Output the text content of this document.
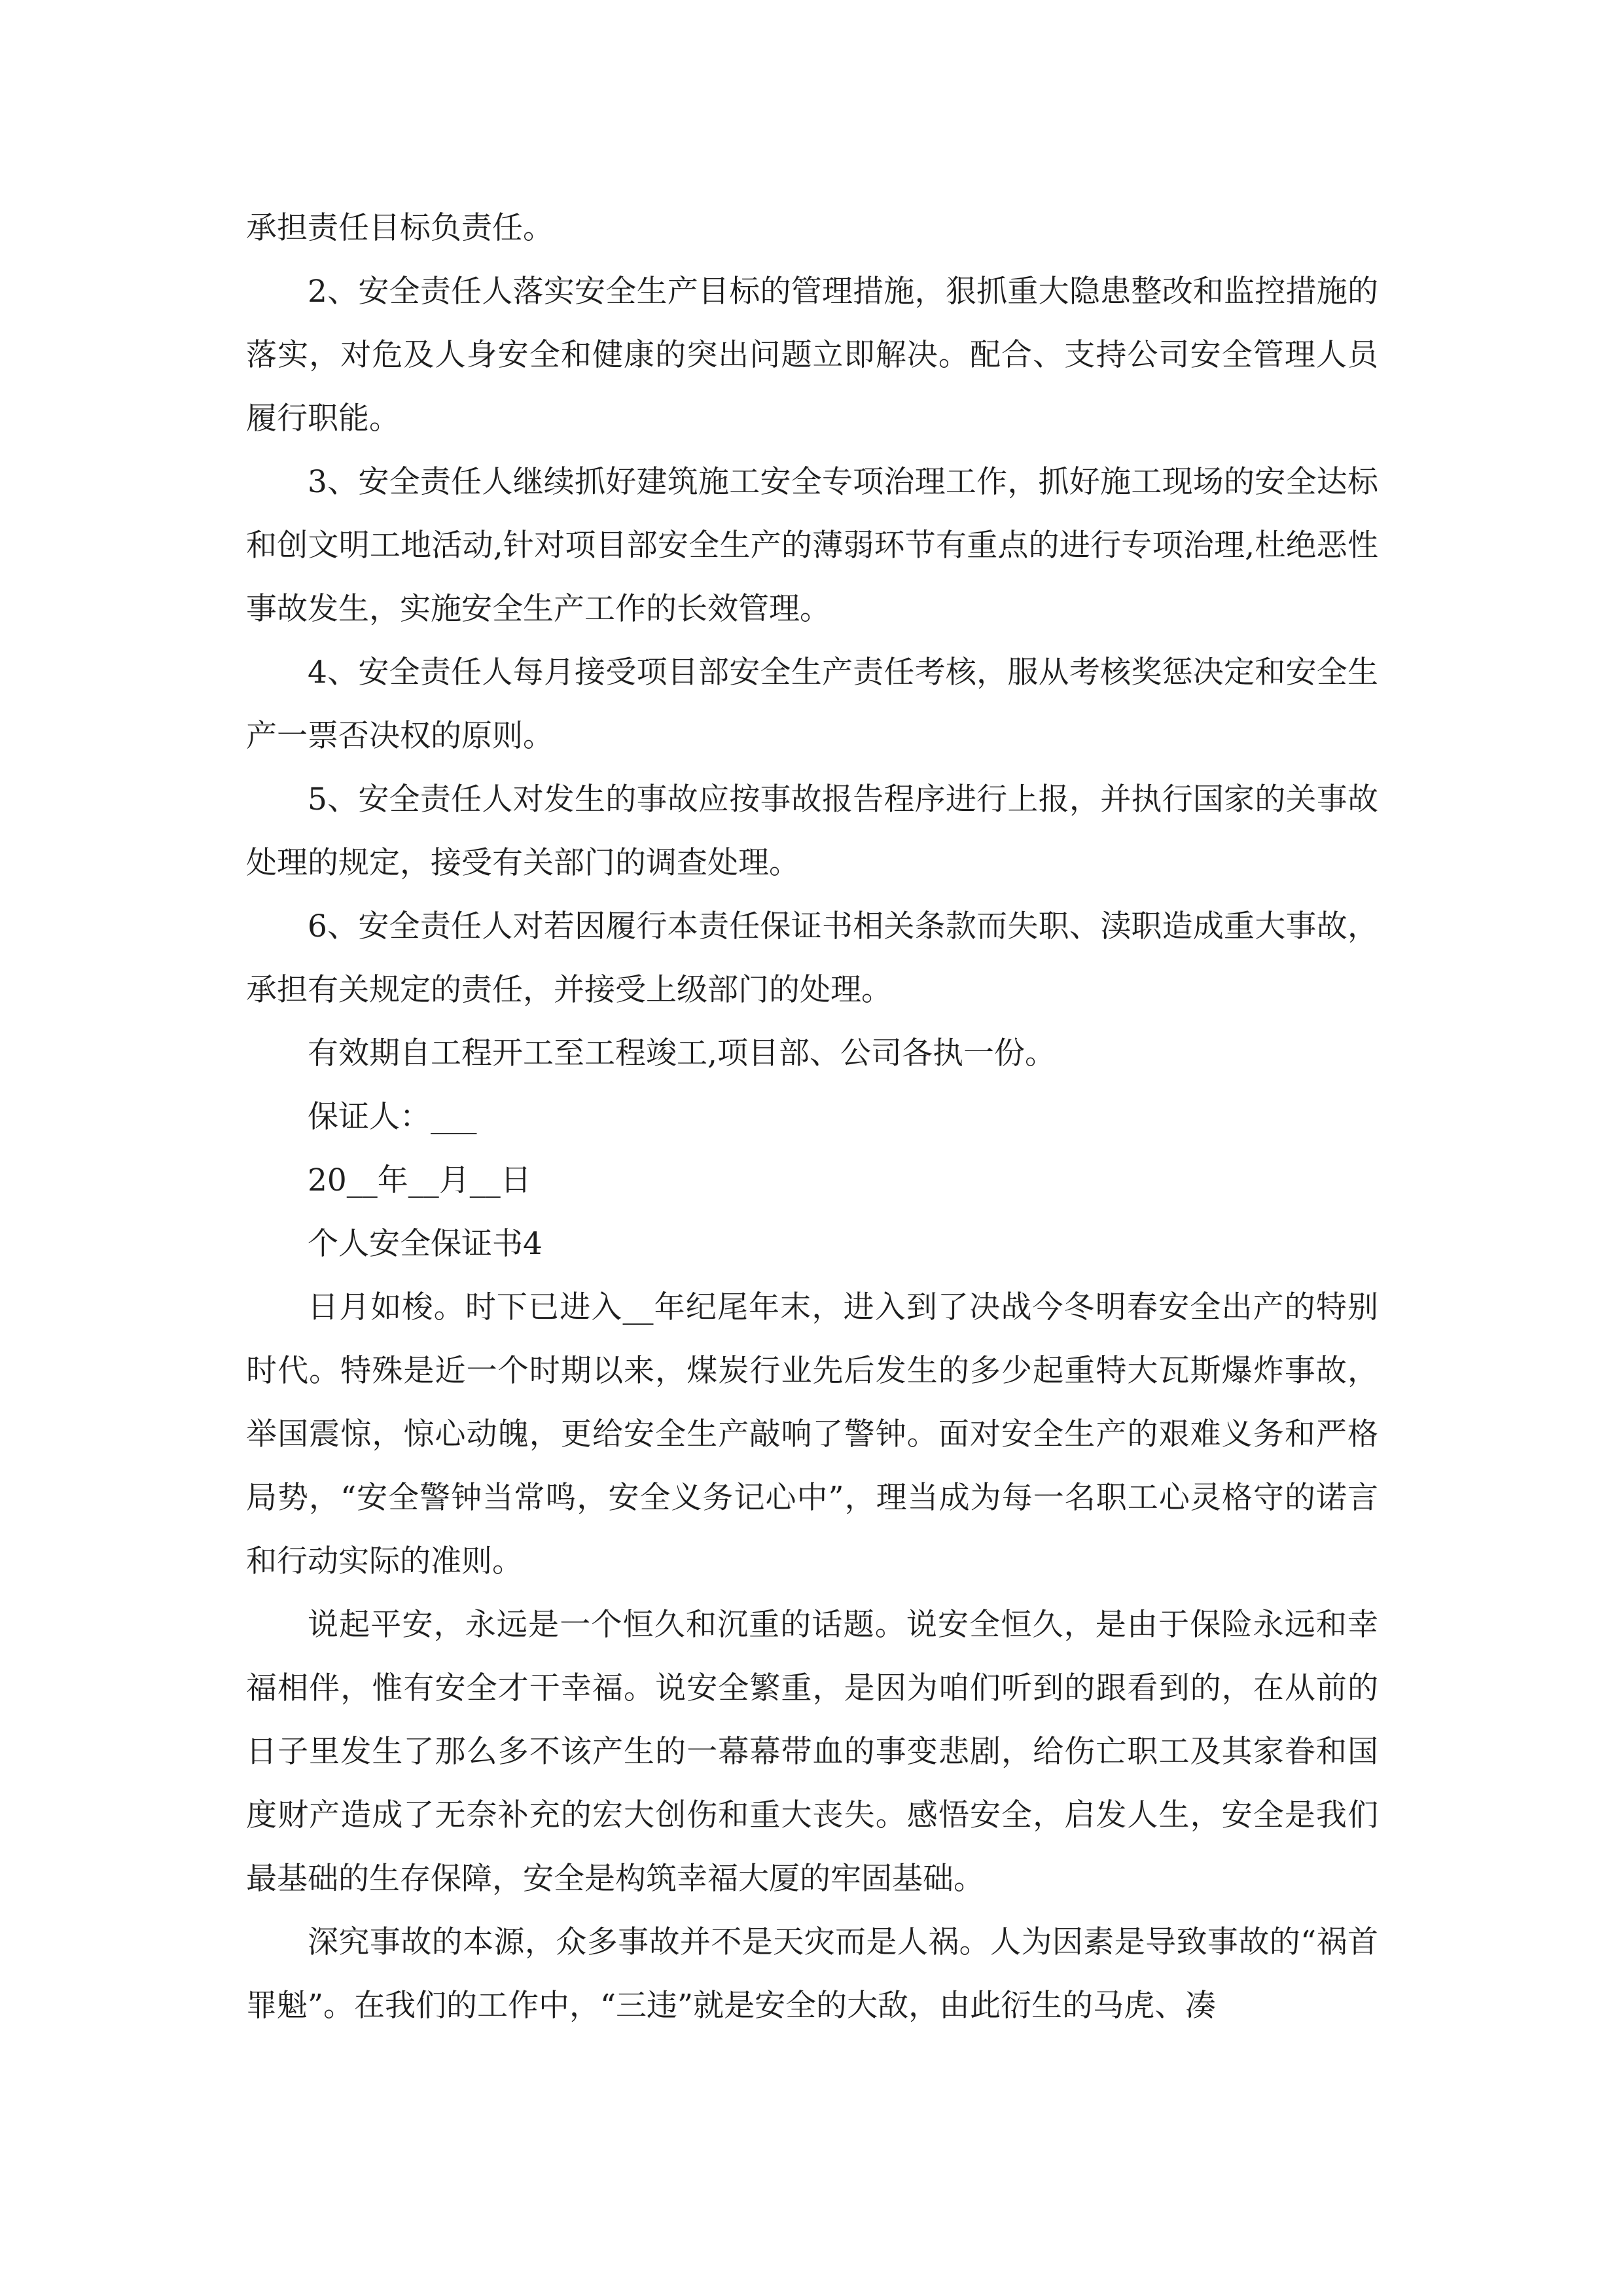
承担责任目标负责任。

2、安全责任人落实安全生产目标的管理措施，狠抓重大隐患整改和监控措施的落实，对危及人身安全和健康的突出问题立即解决。配合、支持公司安全管理人员履行职能。

3、安全责任人继续抓好建筑施工安全专项治理工作，抓好施工现场的安全达标和创文明工地活动,针对项目部安全生产的薄弱环节有重点的进行专项治理,杜绝恶性事故发生，实施安全生产工作的长效管理。

4、安全责任人每月接受项目部安全生产责任考核，服从考核奖惩决定和安全生产一票否决权的原则。

5、安全责任人对发生的事故应按事故报告程序进行上报，并执行国家的关事故处理的规定，接受有关部门的调查处理。

6、安全责任人对若因履行本责任保证书相关条款而失职、渎职造成重大事故，承担有关规定的责任，并接受上级部门的处理。

有效期自工程开工至工程竣工,项目部、公司各执一份。

保证人：___

20__年__月__日

个人安全保证书4

日月如梭。时下已进入__年纪尾年末，进入到了决战今冬明春安全出产的特别时代。特殊是近一个时期以来，煤炭行业先后发生的多少起重特大瓦斯爆炸事故，举国震惊，惊心动魄，更给安全生产敲响了警钟。面对安全生产的艰难义务和严格局势，“安全警钟当常鸣，安全义务记心中”，理当成为每一名职工心灵格守的诺言和行动实际的准则。

说起平安，永远是一个恒久和沉重的话题。说安全恒久，是由于保险永远和幸福相伴，惟有安全才干幸福。说安全繁重，是因为咱们听到的跟看到的，在从前的日子里发生了那么多不该产生的一幕幕带血的事变悲剧，给伤亡职工及其家眷和国度财产造成了无奈补充的宏大创伤和重大丧失。感悟安全，启发人生，安全是我们最基础的生存保障，安全是构筑幸福大厦的牢固基础。

深究事故的本源，众多事故并不是天灾而是人祸。人为因素是导致事故的“祸首罪魁”。在我们的工作中，“三违”就是安全的大敌，由此衍生的马虎、凑
